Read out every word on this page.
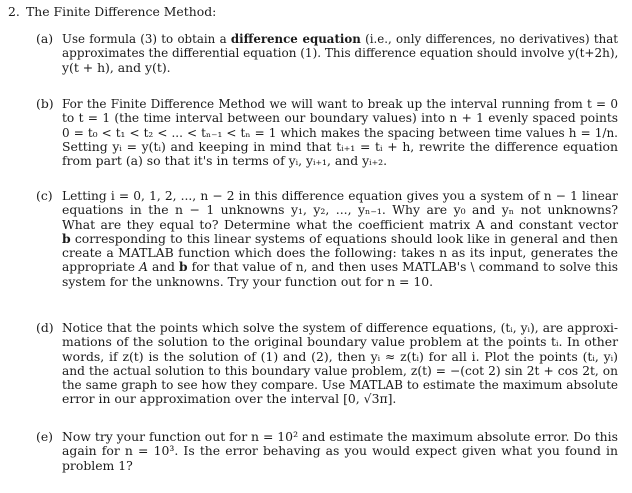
2. The Finite Difference Method:
(a) Use formula (3) to obtain a difference equation (i.e., only differences, no derivatives) that
approximates the differential equation (1). This difference equation should involve y(t+2h),
y(t + h), and y(t).
(b) For the Finite Difference Method we will want to break up the interval running from t = 0
to t = 1 (the time interval between our boundary values) into n + 1 evenly spaced points
0 = t₀ < t₁ < t₂ < ... < tₙ₋₁ < tₙ = 1 which makes the spacing between time values h = 1/n.
Setting yᵢ = y(tᵢ) and keeping in mind that tᵢ₊₁ = tᵢ + h, rewrite the difference equation
from part (a) so that it's in terms of yᵢ, yᵢ₊₁, and yᵢ₊₂.
(c) Letting i = 0, 1, 2, ..., n − 2 in this difference equation gives you a system of n − 1 linear
equations in the n − 1 unknowns y₁, y₂, ..., yₙ₋₁. Why are y₀ and yₙ not unknowns?
What are they equal to? Determine what the coefficient matrix A and constant vector
b corresponding to this linear systems of equations should look like in general and then
create a MATLAB function which does the following: takes n as its input, generates the
appropriate A and b for that value of n, and then uses MATLAB's \ command to solve this
system for the unknowns. Try your function out for n = 10.
(d) Notice that the points which solve the system of difference equations, (tᵢ, yᵢ), are approxi-
mations of the solution to the original boundary value problem at the points tᵢ. In other
words, if z(t) is the solution of (1) and (2), then yᵢ ≈ z(tᵢ) for all i. Plot the points (tᵢ, yᵢ)
and the actual solution to this boundary value problem, z(t) = −(cot 2) sin 2t + cos 2t, on
the same graph to see how they compare. Use MATLAB to estimate the maximum absolute
error in our approximation over the interval [0, √3π].
(e) Now try your function out for n = 10² and estimate the maximum absolute error. Do this
again for n = 10³. Is the error behaving as you would expect given what you found in
problem 1?
